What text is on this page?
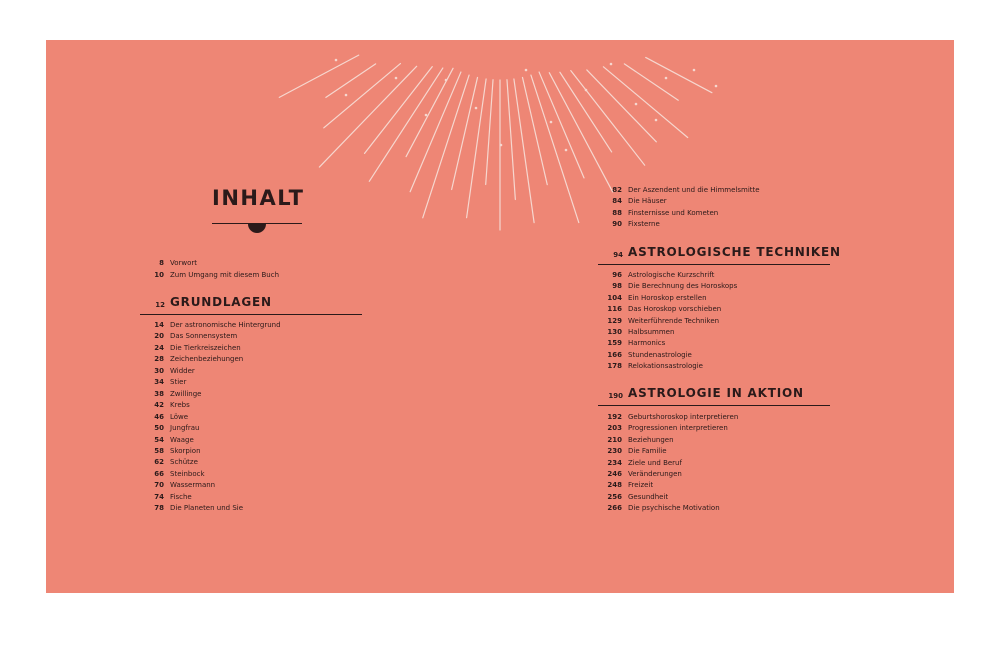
INHALT
8 Vorwort
10 Zum Umgang mit diesem Buch
12 GRUNDLAGEN
14 Der astronomische Hintergrund
20 Das Sonnensystem
24 Die Tierkreiszeichen
28 Zeichenbeziehungen
30 Widder
34 Stier
38 Zwillinge
42 Krebs
46 Löwe
50 Jungfrau
54 Waage
58 Skorpion
62 Schütze
66 Steinbock
70 Wassermann
74 Fische
78 Die Planeten und Sie
82 Der Aszendent und die Himmelsmitte
84 Die Häuser
88 Finsternisse und Kometen
90 Fixsterne
94 ASTROLOGISCHE TECHNIKEN
96 Astrologische Kurzschrift
98 Die Berechnung des Horoskops
104 Ein Horoskop erstellen
116 Das Horoskop vorschieben
129 Weiterführende Techniken
130 Halbsummen
159 Harmonics
166 Stundenastrologie
178 Relokationsastrologie
190 ASTROLOGIE IN AKTION
192 Geburtshoroskop interpretieren
203 Progressionen interpretieren
210 Beziehungen
230 Die Familie
234 Ziele und Beruf
246 Veränderungen
248 Freizeit
256 Gesundheit
266 Die psychische Motivation
